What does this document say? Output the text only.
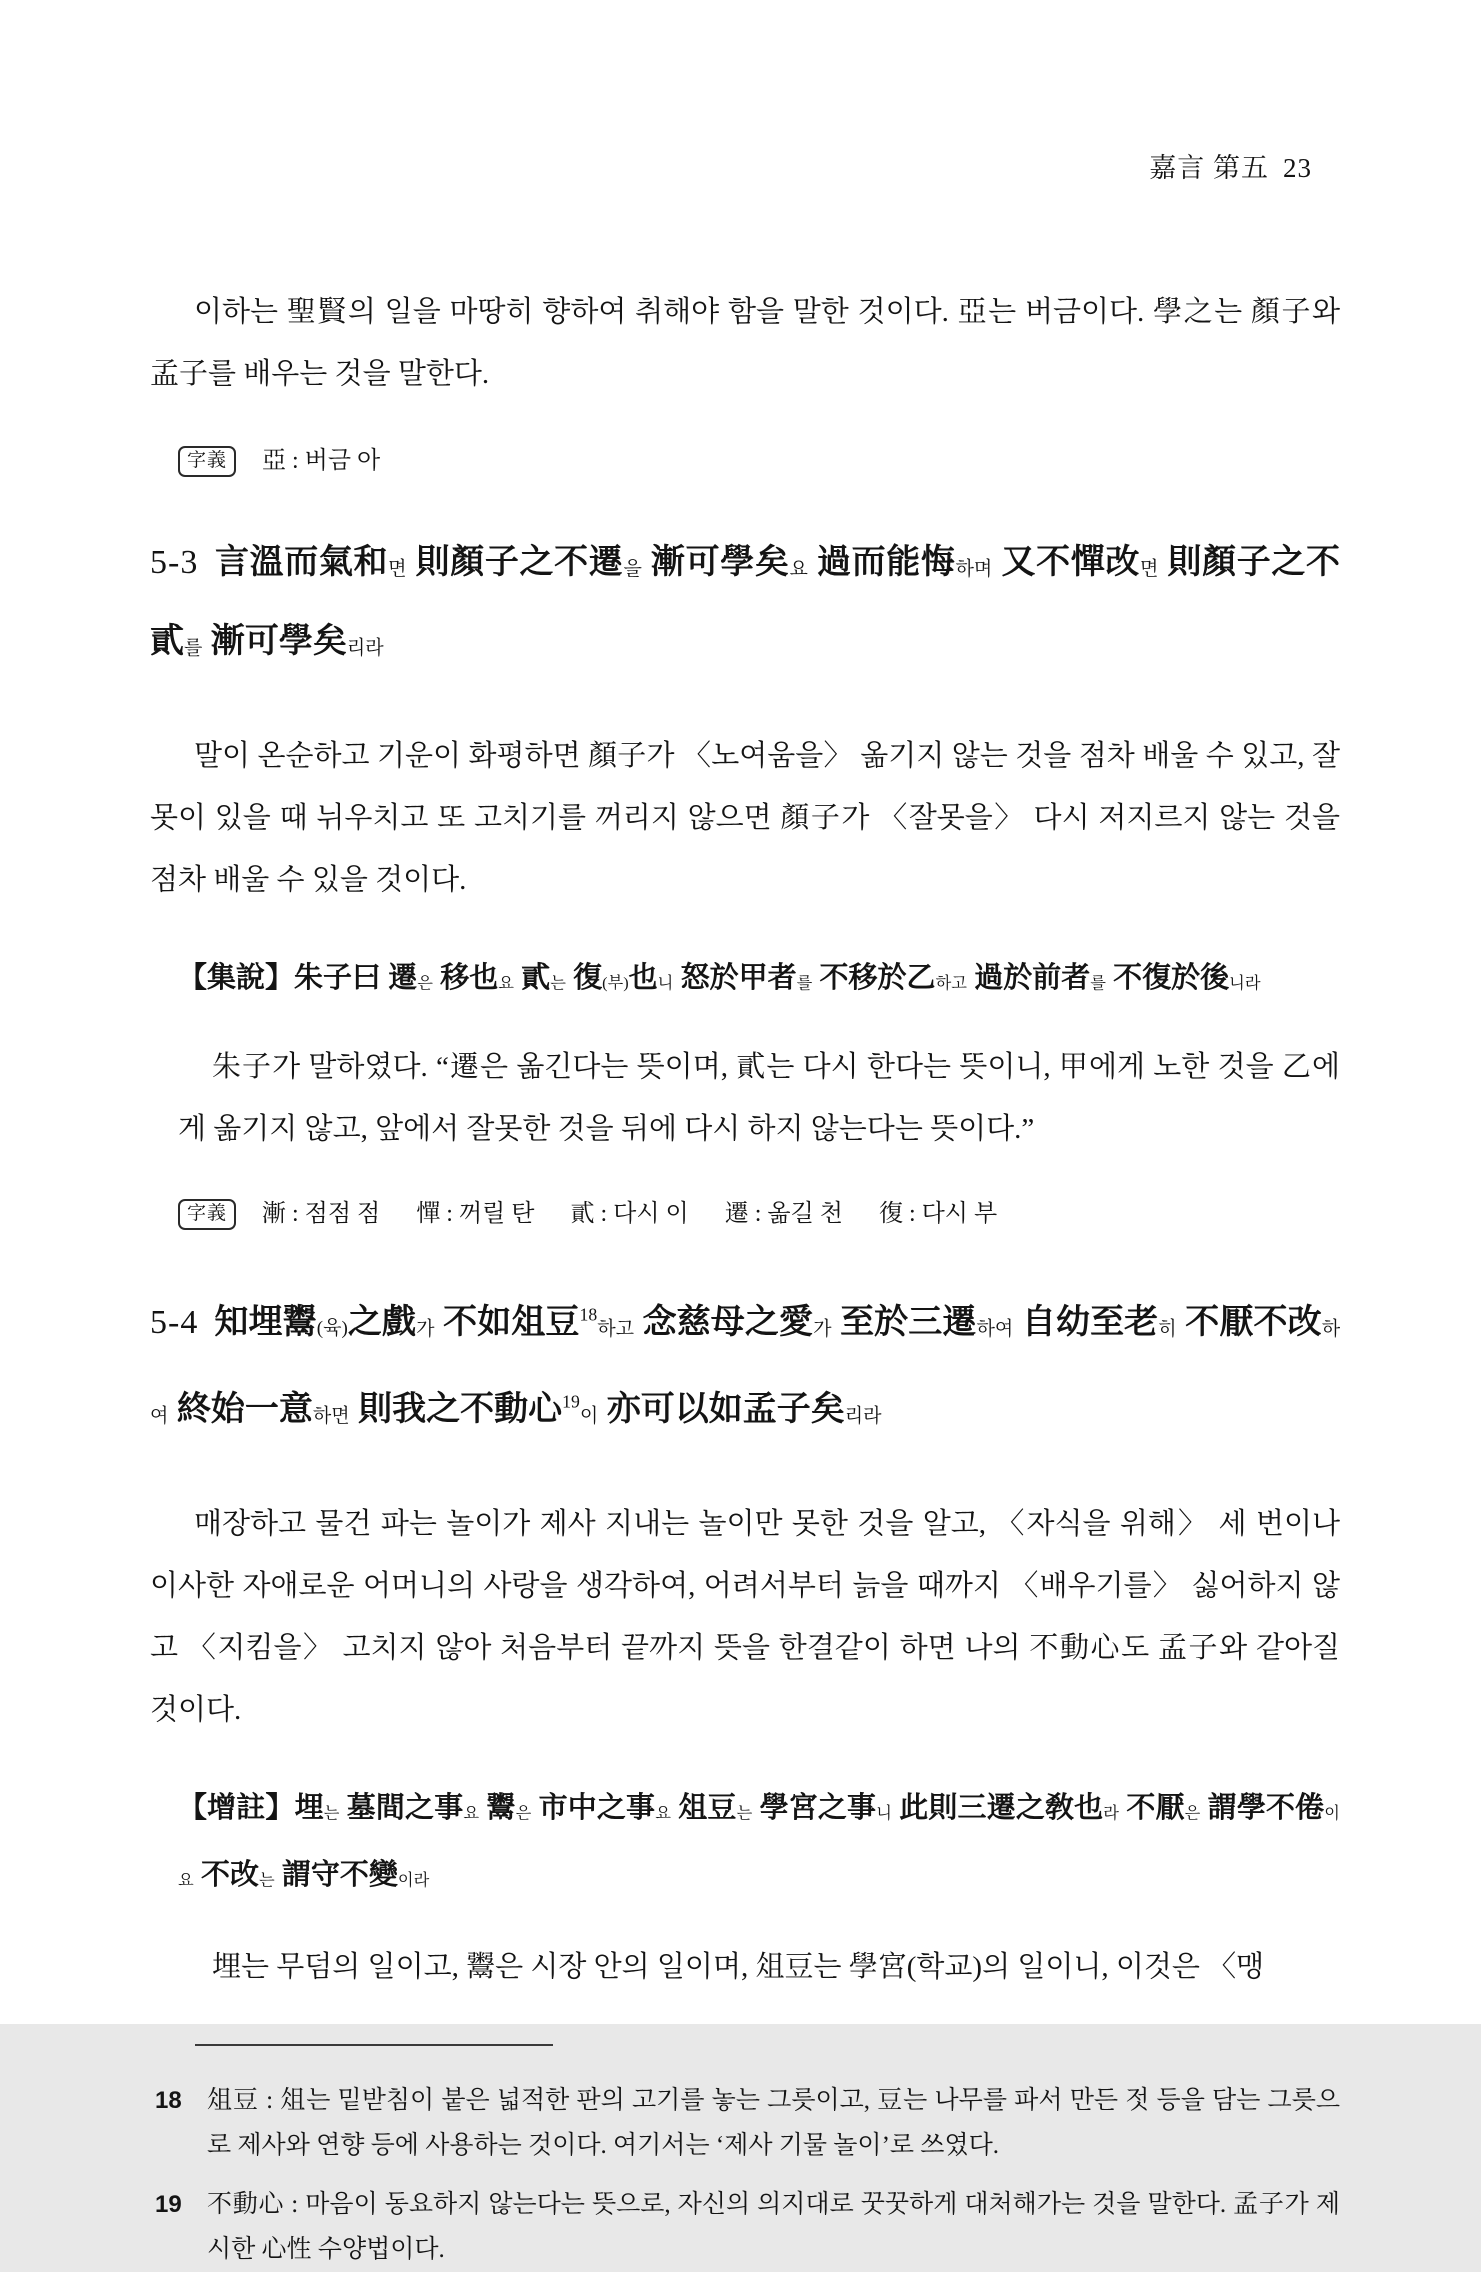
嘉言 第五 23

이하는 聖賢의 일을 마땅히 향하여 취해야 함을 말한 것이다. 亞는 버금이다. 學之는 顏子와 孟子를 배우는 것을 말한다.

字義	亞 : 버금 아
5-3 言溫而氣和면 則顏子之不遷을 漸可學矣요 過而能悔하며 又不憚改면 則顏子之不貳를 漸可學矣리라

말이 온순하고 기운이 화평하면 顏子가 〈노여움을〉 옮기지 않는 것을 점차 배울 수 있고, 잘못이 있을 때 뉘우치고 또 고치기를 꺼리지 않으면 顏子가 〈잘못을〉 다시 저지르지 않는 것을 점차 배울 수 있을 것이다.

【集說】朱子曰 遷은 移也요 貳는 復(부)也니 怒於甲者를 不移於乙하고 過於前者를 不復於後니라

朱子가 말하였다. “遷은 옮긴다는 뜻이며, 貳는 다시 한다는 뜻이니, 甲에게 노한 것을 乙에게 옮기지 않고, 앞에서 잘못한 것을 뒤에 다시 하지 않는다는 뜻이다.”

字義	漸 : 점점 점 憚 : 꺼릴 탄 貳 : 다시 이 遷 : 옮길 천 復 : 다시 부
5-4 知埋鬻(육)之戲가 不如俎豆$^{18}$하고 念慈母之愛가 至於三遷하여 自幼至老히 不厭不改하여 終始一意하면 則我之不動心$^{19}$이 亦可以如孟子矣리라

매장하고 물건 파는 놀이가 제사 지내는 놀이만 못한 것을 알고, 〈자식을 위해〉 세 번이나 이사한 자애로운 어머니의 사랑을 생각하여, 어려서부터 늙을 때까지 〈배우기를〉 싫어하지 않고 〈지킴을〉 고치지 않아 처음부터 끝까지 뜻을 한결같이 하면 나의 不動心도 孟子와 같아질 것이다.

【增註】埋는 墓間之事요 鬻은 市中之事요 俎豆는 學宮之事니 此則三遷之敎也라 不厭은 謂學不倦이요 不改는 謂守不變이라

埋는 무덤의 일이고, 鬻은 시장 안의 일이며, 俎豆는 學宮(학교)의 일이니, 이것은 〈맹

18	俎豆 : 俎는 밑받침이 붙은 넓적한 판의 고기를 놓는 그릇이고, 豆는 나무를 파서 만든 젓 등을 담는 그릇으로 제사와 연향 등에 사용하는 것이다. 여기서는 ‘제사 기물 놀이’로 쓰였다.
19	不動心 : 마음이 동요하지 않는다는 뜻으로, 자신의 의지대로 꿋꿋하게 대처해가는 것을 말한다. 孟子가 제시한 心性 수양법이다.
